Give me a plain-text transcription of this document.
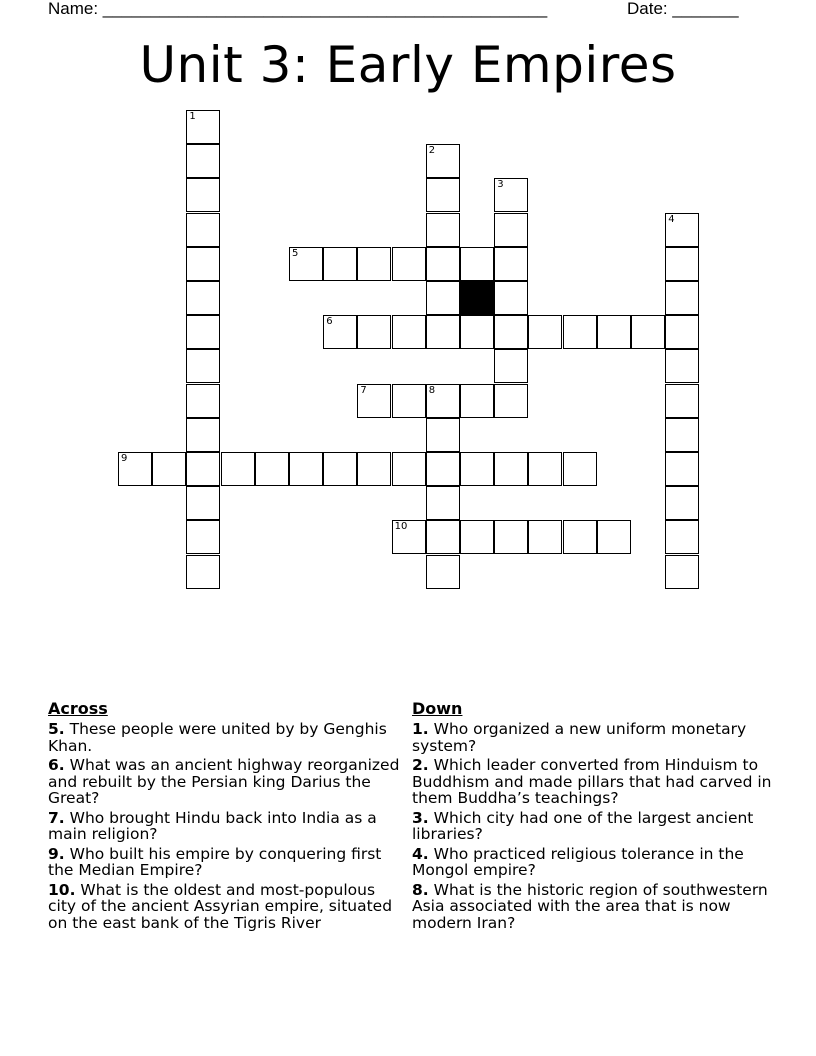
Name: _______________________________________________	Date: _______
Unit 3: Early Empires
1
2
3
4
5
6
7	8
9
10
Across
5. These people were united by by Genghis Khan.
6. What was an ancient highway reorganized and rebuilt by the Persian king Darius the Great?
7. Who brought Hindu back into India as a main religion?
9. Who built his empire by conquering first the Median Empire?
10. What is the oldest and most-populous city of the ancient Assyrian empire, situated on the east bank of the Tigris River
Down
1. Who organized a new uniform monetary system?
2. Which leader converted from Hinduism to Buddhism and made pillars that had carved in them Buddha’s teachings?
3. Which city had one of the largest ancient libraries?
4. Who practiced religious tolerance in the Mongol empire?
8. What is the historic region of southwestern Asia associated with the area that is now modern Iran?
